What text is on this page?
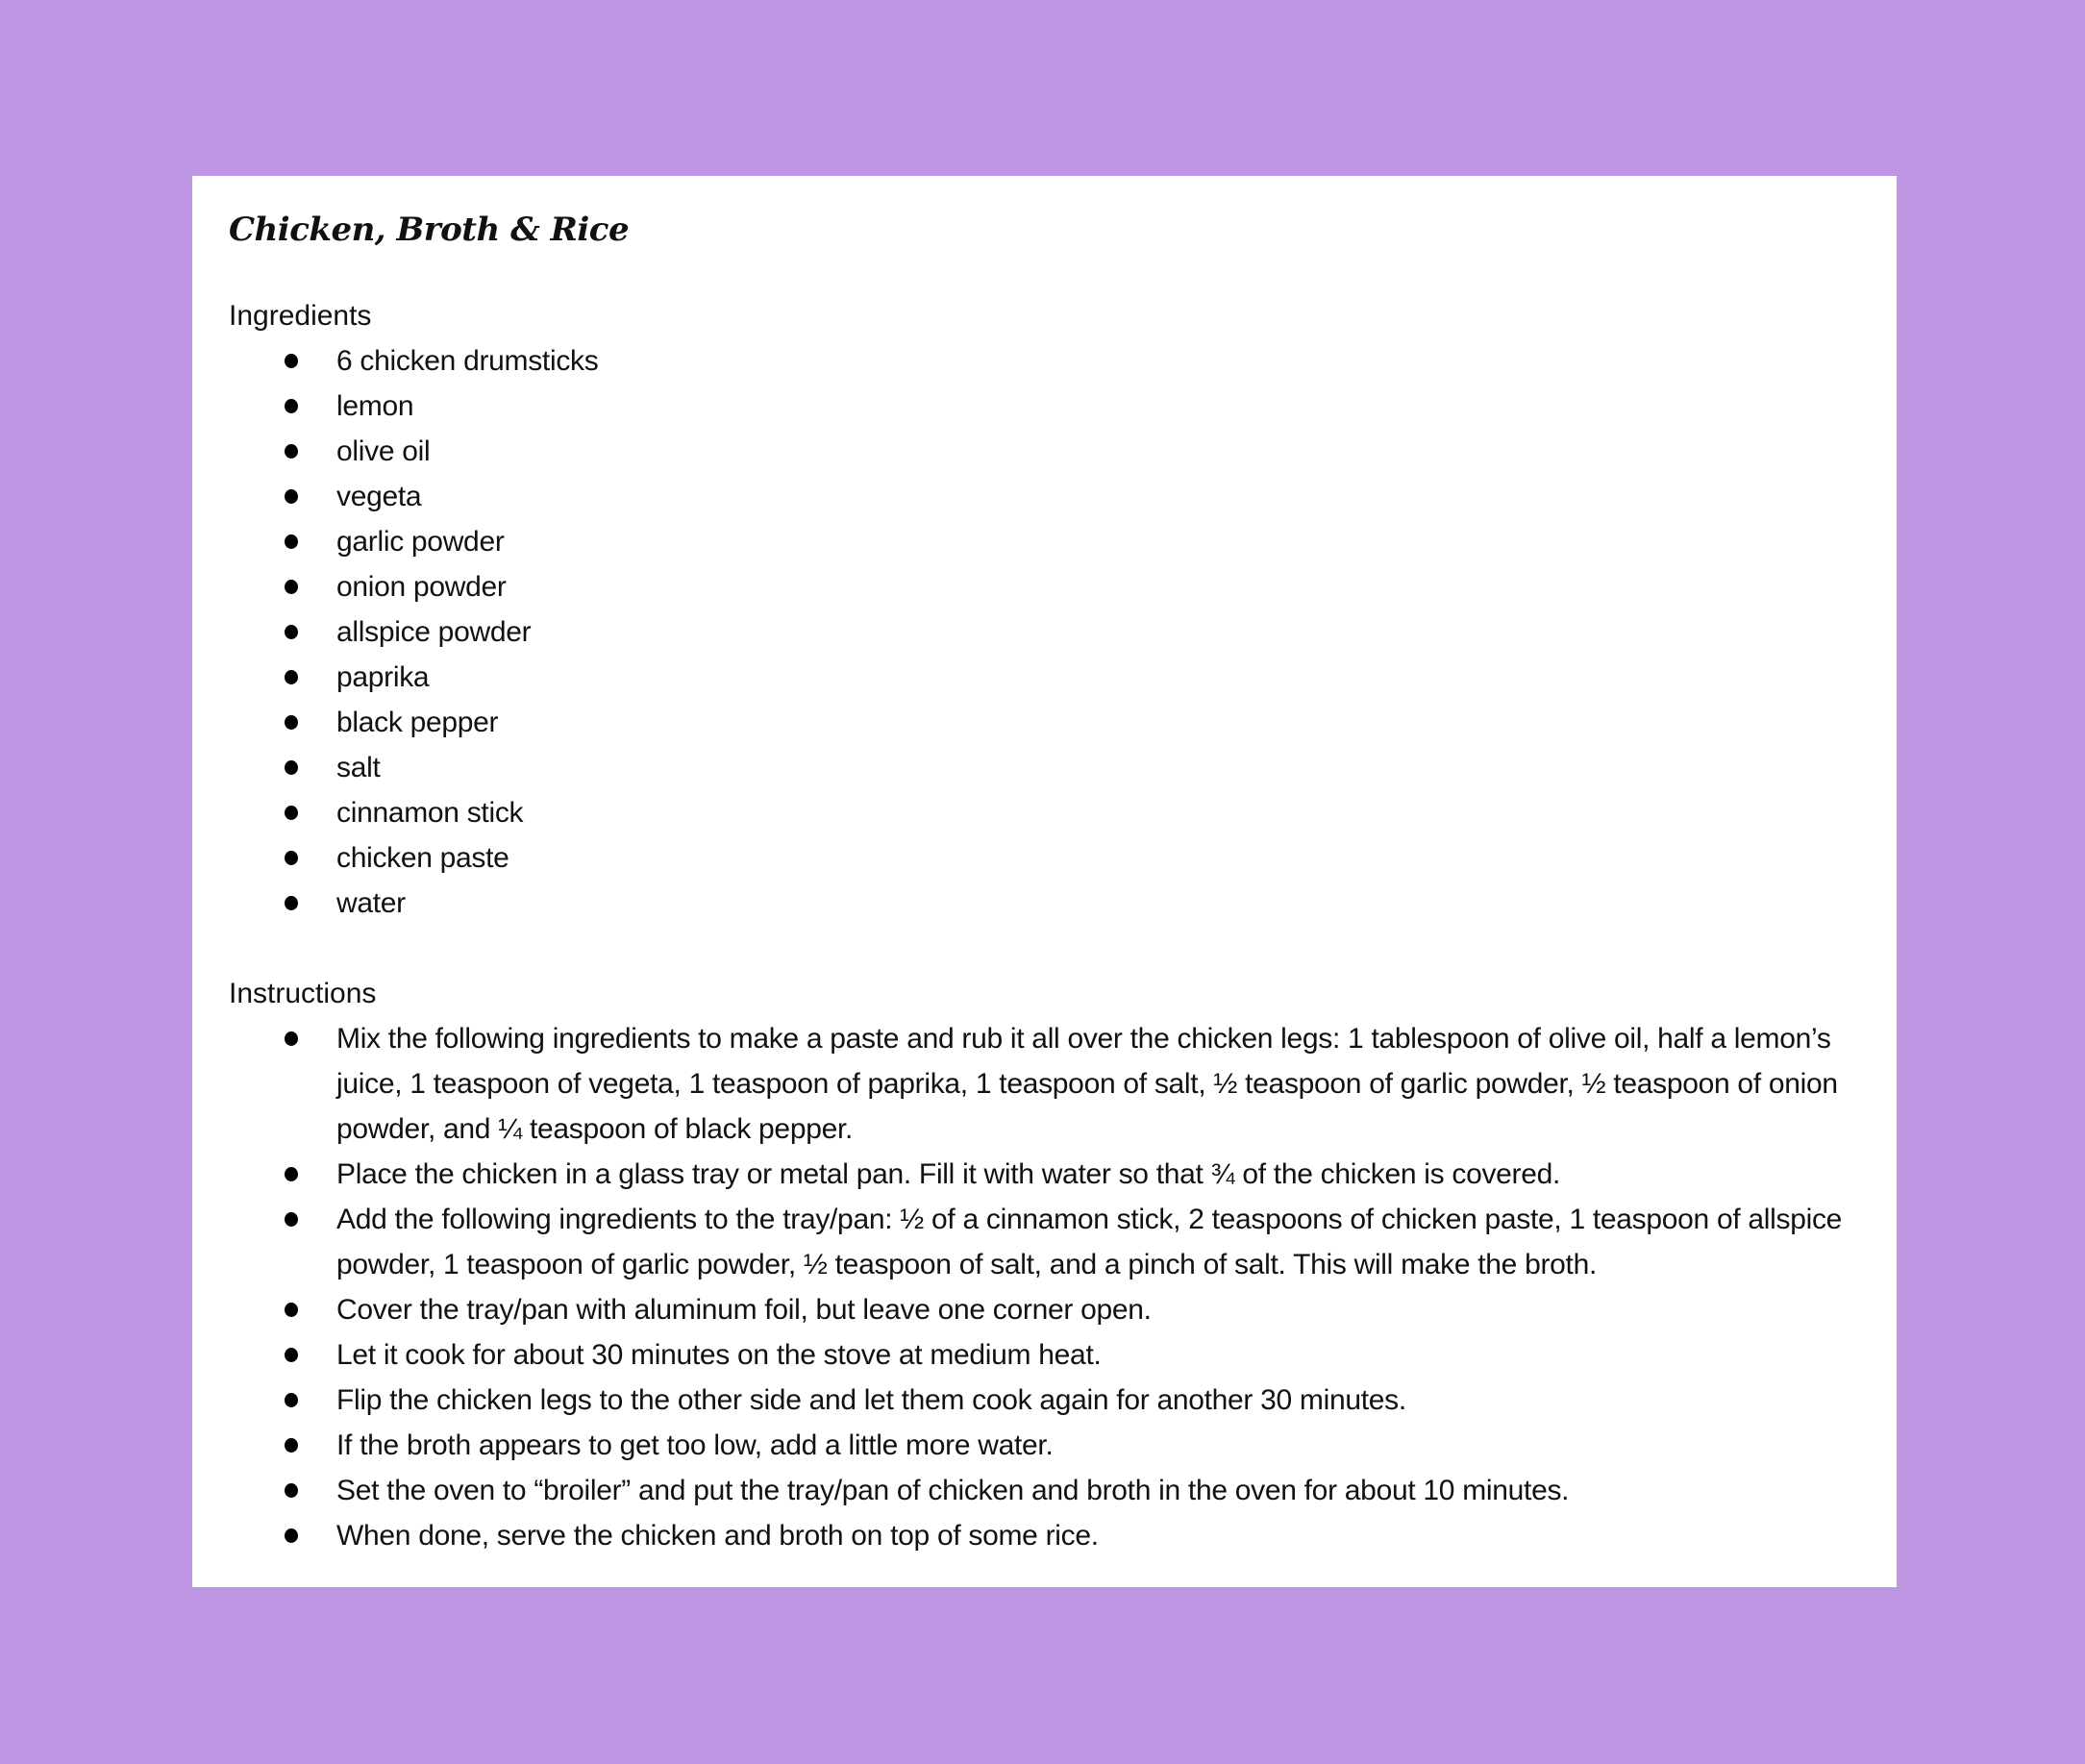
Chicken, Broth & Rice

Ingredients

6 chicken drumsticks
lemon
olive oil
vegeta
garlic powder
onion powder
allspice powder
paprika
black pepper
salt
cinnamon stick
chicken paste
water

Instructions

Mix the following ingredients to make a paste and rub it all over the chicken legs: 1 tablespoon of olive oil, half a lemon’s juice, 1 teaspoon of vegeta, 1 teaspoon of paprika, 1 teaspoon of salt, ½ teaspoon of garlic powder, ½ teaspoon of onion powder, and ¼ teaspoon of black pepper.
Place the chicken in a glass tray or metal pan. Fill it with water so that ¾ of the chicken is covered.
Add the following ingredients to the tray/pan: ½ of a cinnamon stick, 2 teaspoons of chicken paste, 1 teaspoon of allspice powder, 1 teaspoon of garlic powder, ½ teaspoon of salt, and a pinch of salt. This will make the broth.
Cover the tray/pan with aluminum foil, but leave one corner open.
Let it cook for about 30 minutes on the stove at medium heat.
Flip the chicken legs to the other side and let them cook again for another 30 minutes.
If the broth appears to get too low, add a little more water.
Set the oven to “broiler” and put the tray/pan of chicken and broth in the oven for about 10 minutes.
When done, serve the chicken and broth on top of some rice.
